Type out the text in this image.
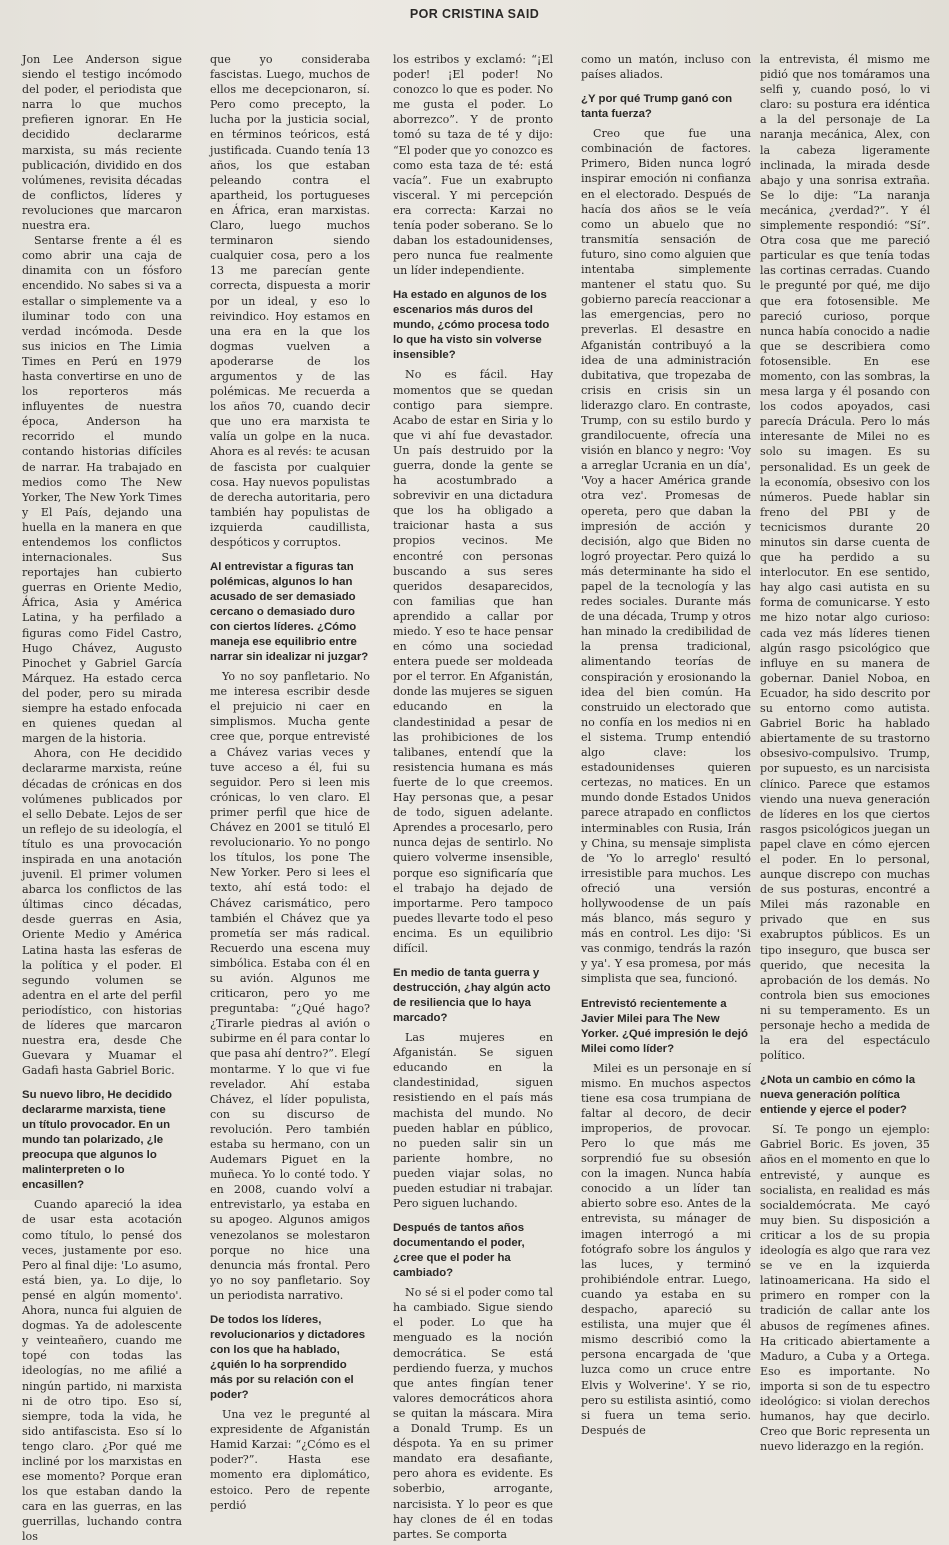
POR CRISTINA SAID

Jon Lee Anderson sigue siendo el testigo incómodo del poder, el periodista que narra lo que muchos prefieren ignorar. En He decidido declararme marxista, su más reciente publicación, dividido en dos volúmenes, revisita décadas de conflictos, líderes y revoluciones que marcaron nuestra era.

Sentarse frente a él es como abrir una caja de dinamita con un fósforo encendido. No sabes si va a estallar o simplemente va a iluminar todo con una verdad incómoda. Desde sus inicios en The Limia Times en Perú en 1979 hasta convertirse en uno de los reporteros más influyentes de nuestra época, Anderson ha recorrido el mundo contando historias difíciles de narrar. Ha trabajado en medios como The New Yorker, The New York Times y El País, dejando una huella en la manera en que entendemos los conflictos internacionales. Sus reportajes han cubierto guerras en Oriente Medio, África, Asia y América Latina, y ha perfilado a figuras como Fidel Castro, Hugo Chávez, Augusto Pinochet y Gabriel García Márquez. Ha estado cerca del poder, pero su mirada siempre ha estado enfocada en quienes quedan al margen de la historia.

Ahora, con He decidido declararme marxista, reúne décadas de crónicas en dos volúmenes publicados por el sello Debate. Lejos de ser un reflejo de su ideología, el título es una provocación inspirada en una anotación juvenil. El primer volumen abarca los conflictos de las últimas cinco décadas, desde guerras en Asia, Oriente Medio y América Latina hasta las esferas de la política y el poder. El segundo volumen se adentra en el arte del perfil periodístico, con historias de líderes que marcaron nuestra era, desde Che Guevara y Muamar el Gadafi hasta Gabriel Boric.

Su nuevo libro, He decidido declararme marxista, tiene un título provocador. En un mundo tan polarizado, ¿le preocupa que algunos lo malinterpreten o lo encasillen?

Cuando apareció la idea de usar esta acotación como título, lo pensé dos veces, justamente por eso. Pero al final dije: 'Lo asumo, está bien, ya. Lo dije, lo pensé en algún momento'. Ahora, nunca fui alguien de dogmas. Ya de adolescente y veinteañero, cuando me topé con todas las ideologías, no me afilié a ningún partido, ni marxista ni de otro tipo. Eso sí, siempre, toda la vida, he sido antifascista. Eso sí lo tengo claro. ¿Por qué me incliné por los marxistas en ese momento? Porque eran los que estaban dando la cara en las guerras, en las guerrillas, luchando contra los

que yo consideraba fascistas. Luego, muchos de ellos me decepcionaron, sí. Pero como precepto, la lucha por la justicia social, en términos teóricos, está justificada. Cuando tenía 13 años, los que estaban peleando contra el apartheid, los portugueses en África, eran marxistas. Claro, luego muchos terminaron siendo cualquier cosa, pero a los 13 me parecían gente correcta, dispuesta a morir por un ideal, y eso lo reivindico. Hoy estamos en una era en la que los dogmas vuelven a apoderarse de los argumentos y de las polémicas. Me recuerda a los años 70, cuando decir que uno era marxista te valía un golpe en la nuca. Ahora es al revés: te acusan de fascista por cualquier cosa. Hay nuevos populistas de derecha autoritaria, pero también hay populistas de izquierda caudillista, despóticos y corruptos.

Al entrevistar a figuras tan polémicas, algunos lo han acusado de ser demasiado cercano o demasiado duro con ciertos líderes. ¿Cómo maneja ese equilibrio entre narrar sin idealizar ni juzgar?

Yo no soy panfletario. No me interesa escribir desde el prejuicio ni caer en simplismos. Mucha gente cree que, porque entrevisté a Chávez varias veces y tuve acceso a él, fui su seguidor. Pero si leen mis crónicas, lo ven claro. El primer perfil que hice de Chávez en 2001 se tituló El revolucionario. Yo no pongo los títulos, los pone The New Yorker. Pero si lees el texto, ahí está todo: el Chávez carismático, pero también el Chávez que ya prometía ser más radical. Recuerdo una escena muy simbólica. Estaba con él en su avión. Algunos me criticaron, pero yo me preguntaba: “¿Qué hago? ¿Tirarle piedras al avión o subirme en él para contar lo que pasa ahí dentro?”. Elegí montarme. Y lo que vi fue revelador. Ahí estaba Chávez, el líder populista, con su discurso de revolución. Pero también estaba su hermano, con un Audemars Piguet en la muñeca. Yo lo conté todo. Y en 2008, cuando volví a entrevistarlo, ya estaba en su apogeo. Algunos amigos venezolanos se molestaron porque no hice una denuncia más frontal. Pero yo no soy panfletario. Soy un periodista narrativo.

De todos los líderes, revolucionarios y dictadores con los que ha hablado, ¿quién lo ha sorprendido más por su relación con el poder?

Una vez le pregunté al expresidente de Afganistán Hamid Karzai: “¿Cómo es el poder?”. Hasta ese momento era diplomático, estoico. Pero de repente perdió

los estribos y exclamó: “¡El poder! ¡El poder! No conozco lo que es poder. No me gusta el poder. Lo aborrezco”. Y de pronto tomó su taza de té y dijo: “El poder que yo conozco es como esta taza de té: está vacía”. Fue un exabrupto visceral. Y mi percepción era correcta: Karzai no tenía poder soberano. Se lo daban los estadounidenses, pero nunca fue realmente un líder independiente.

Ha estado en algunos de los escenarios más duros del mundo, ¿cómo procesa todo lo que ha visto sin volverse insensible?

No es fácil. Hay momentos que se quedan contigo para siempre. Acabo de estar en Siria y lo que vi ahí fue devastador. Un país destruido por la guerra, donde la gente se ha acostumbrado a sobrevivir en una dictadura que los ha obligado a traicionar hasta a sus propios vecinos. Me encontré con personas buscando a sus seres queridos desaparecidos, con familias que han aprendido a callar por miedo. Y eso te hace pensar en cómo una sociedad entera puede ser moldeada por el terror. En Afganistán, donde las mujeres se siguen educando en la clandestinidad a pesar de las prohibiciones de los talibanes, entendí que la resistencia humana es más fuerte de lo que creemos. Hay personas que, a pesar de todo, siguen adelante. Aprendes a procesarlo, pero nunca dejas de sentirlo. No quiero volverme insensible, porque eso significaría que el trabajo ha dejado de importarme. Pero tampoco puedes llevarte todo el peso encima. Es un equilibrio difícil.

En medio de tanta guerra y destrucción, ¿hay algún acto de resiliencia que lo haya marcado?

Las mujeres en Afganistán. Se siguen educando en la clandestinidad, siguen resistiendo en el país más machista del mundo. No pueden hablar en público, no pueden salir sin un pariente hombre, no pueden viajar solas, no pueden estudiar ni trabajar. Pero siguen luchando.

Después de tantos años documentando el poder, ¿cree que el poder ha cambiado?

No sé si el poder como tal ha cambiado. Sigue siendo el poder. Lo que ha menguado es la noción democrática. Se está perdiendo fuerza, y muchos que antes fingían tener valores democráticos ahora se quitan la máscara. Mira a Donald Trump. Es un déspota. Ya en su primer mandato era desafiante, pero ahora es evidente. Es soberbio, arrogante, narcisista. Y lo peor es que hay clones de él en todas partes. Se comporta

como un matón, incluso con países aliados.

¿Y por qué Trump ganó con tanta fuerza?

Creo que fue una combinación de factores. Primero, Biden nunca logró inspirar emoción ni confianza en el electorado. Después de hacía dos años se le veía como un abuelo que no transmitía sensación de futuro, sino como alguien que intentaba simplemente mantener el statu quo. Su gobierno parecía reaccionar a las emergencias, pero no preverlas. El desastre en Afganistán contribuyó a la idea de una administración dubitativa, que tropezaba de crisis en crisis sin un liderazgo claro. En contraste, Trump, con su estilo burdo y grandilocuente, ofrecía una visión en blanco y negro: 'Voy a arreglar Ucrania en un día', 'Voy a hacer América grande otra vez'. Promesas de opereta, pero que daban la impresión de acción y decisión, algo que Biden no logró proyectar. Pero quizá lo más determinante ha sido el papel de la tecnología y las redes sociales. Durante más de una década, Trump y otros han minado la credibilidad de la prensa tradicional, alimentando teorías de conspiración y erosionando la idea del bien común. Ha construido un electorado que no confía en los medios ni en el sistema. Trump entendió algo clave: los estadounidenses quieren certezas, no matices. En un mundo donde Estados Unidos parece atrapado en conflictos interminables con Rusia, Irán y China, su mensaje simplista de 'Yo lo arreglo' resultó irresistible para muchos. Les ofreció una versión hollywoodense de un país más blanco, más seguro y más en control. Les dijo: 'Si vas conmigo, tendrás la razón y ya'. Y esa promesa, por más simplista que sea, funcionó.

Entrevistó recientemente a Javier Milei para The New Yorker. ¿Qué impresión le dejó Milei como líder?

Milei es un personaje en sí mismo. En muchos aspectos tiene esa cosa trumpiana de faltar al decoro, de decir improperios, de provocar. Pero lo que más me sorprendió fue su obsesión con la imagen. Nunca había conocido a un líder tan abierto sobre eso. Antes de la entrevista, su mánager de imagen interrogó a mi fotógrafo sobre los ángulos y las luces, y terminó prohibiéndole entrar. Luego, cuando ya estaba en su despacho, apareció su estilista, una mujer que él mismo describió como la persona encargada de 'que luzca como un cruce entre Elvis y Wolverine'. Y se rio, pero su estilista asintió, como si fuera un tema serio. Después de

la entrevista, él mismo me pidió que nos tomáramos una selfi y, cuando posó, lo vi claro: su postura era idéntica a la del personaje de La naranja mecánica, Alex, con la cabeza ligeramente inclinada, la mirada desde abajo y una sonrisa extraña. Se lo dije: “La naranja mecánica, ¿verdad?”. Y él simplemente respondió: “Sí”. Otra cosa que me pareció particular es que tenía todas las cortinas cerradas. Cuando le pregunté por qué, me dijo que era fotosensible. Me pareció curioso, porque nunca había conocido a nadie que se describiera como fotosensible. En ese momento, con las sombras, la mesa larga y él posando con los codos apoyados, casi parecía Drácula. Pero lo más interesante de Milei no es solo su imagen. Es su personalidad. Es un geek de la economía, obsesivo con los números. Puede hablar sin freno del PBI y de tecnicismos durante 20 minutos sin darse cuenta de que ha perdido a su interlocutor. En ese sentido, hay algo casi autista en su forma de comunicarse. Y esto me hizo notar algo curioso: cada vez más líderes tienen algún rasgo psicológico que influye en su manera de gobernar. Daniel Noboa, en Ecuador, ha sido descrito por su entorno como autista. Gabriel Boric ha hablado abiertamente de su trastorno obsesivo-compulsivo. Trump, por supuesto, es un narcisista clínico. Parece que estamos viendo una nueva generación de líderes en los que ciertos rasgos psicológicos juegan un papel clave en cómo ejercen el poder. En lo personal, aunque discrepo con muchas de sus posturas, encontré a Milei más razonable en privado que en sus exabruptos públicos. Es un tipo inseguro, que busca ser querido, que necesita la aprobación de los demás. No controla bien sus emociones ni su temperamento. Es un personaje hecho a medida de la era del espectáculo político.

¿Nota un cambio en cómo la nueva generación política entiende y ejerce el poder?

Sí. Te pongo un ejemplo: Gabriel Boric. Es joven, 35 años en el momento en que lo entrevisté, y aunque es socialista, en realidad es más socialdemócrata. Me cayó muy bien. Su disposición a criticar a los de su propia ideología es algo que rara vez se ve en la izquierda latinoamericana. Ha sido el primero en romper con la tradición de callar ante los abusos de regímenes afines. Ha criticado abiertamente a Maduro, a Cuba y a Ortega. Eso es importante. No importa si son de tu espectro ideológico: si violan derechos humanos, hay que decirlo. Creo que Boric representa un nuevo liderazgo en la región.
